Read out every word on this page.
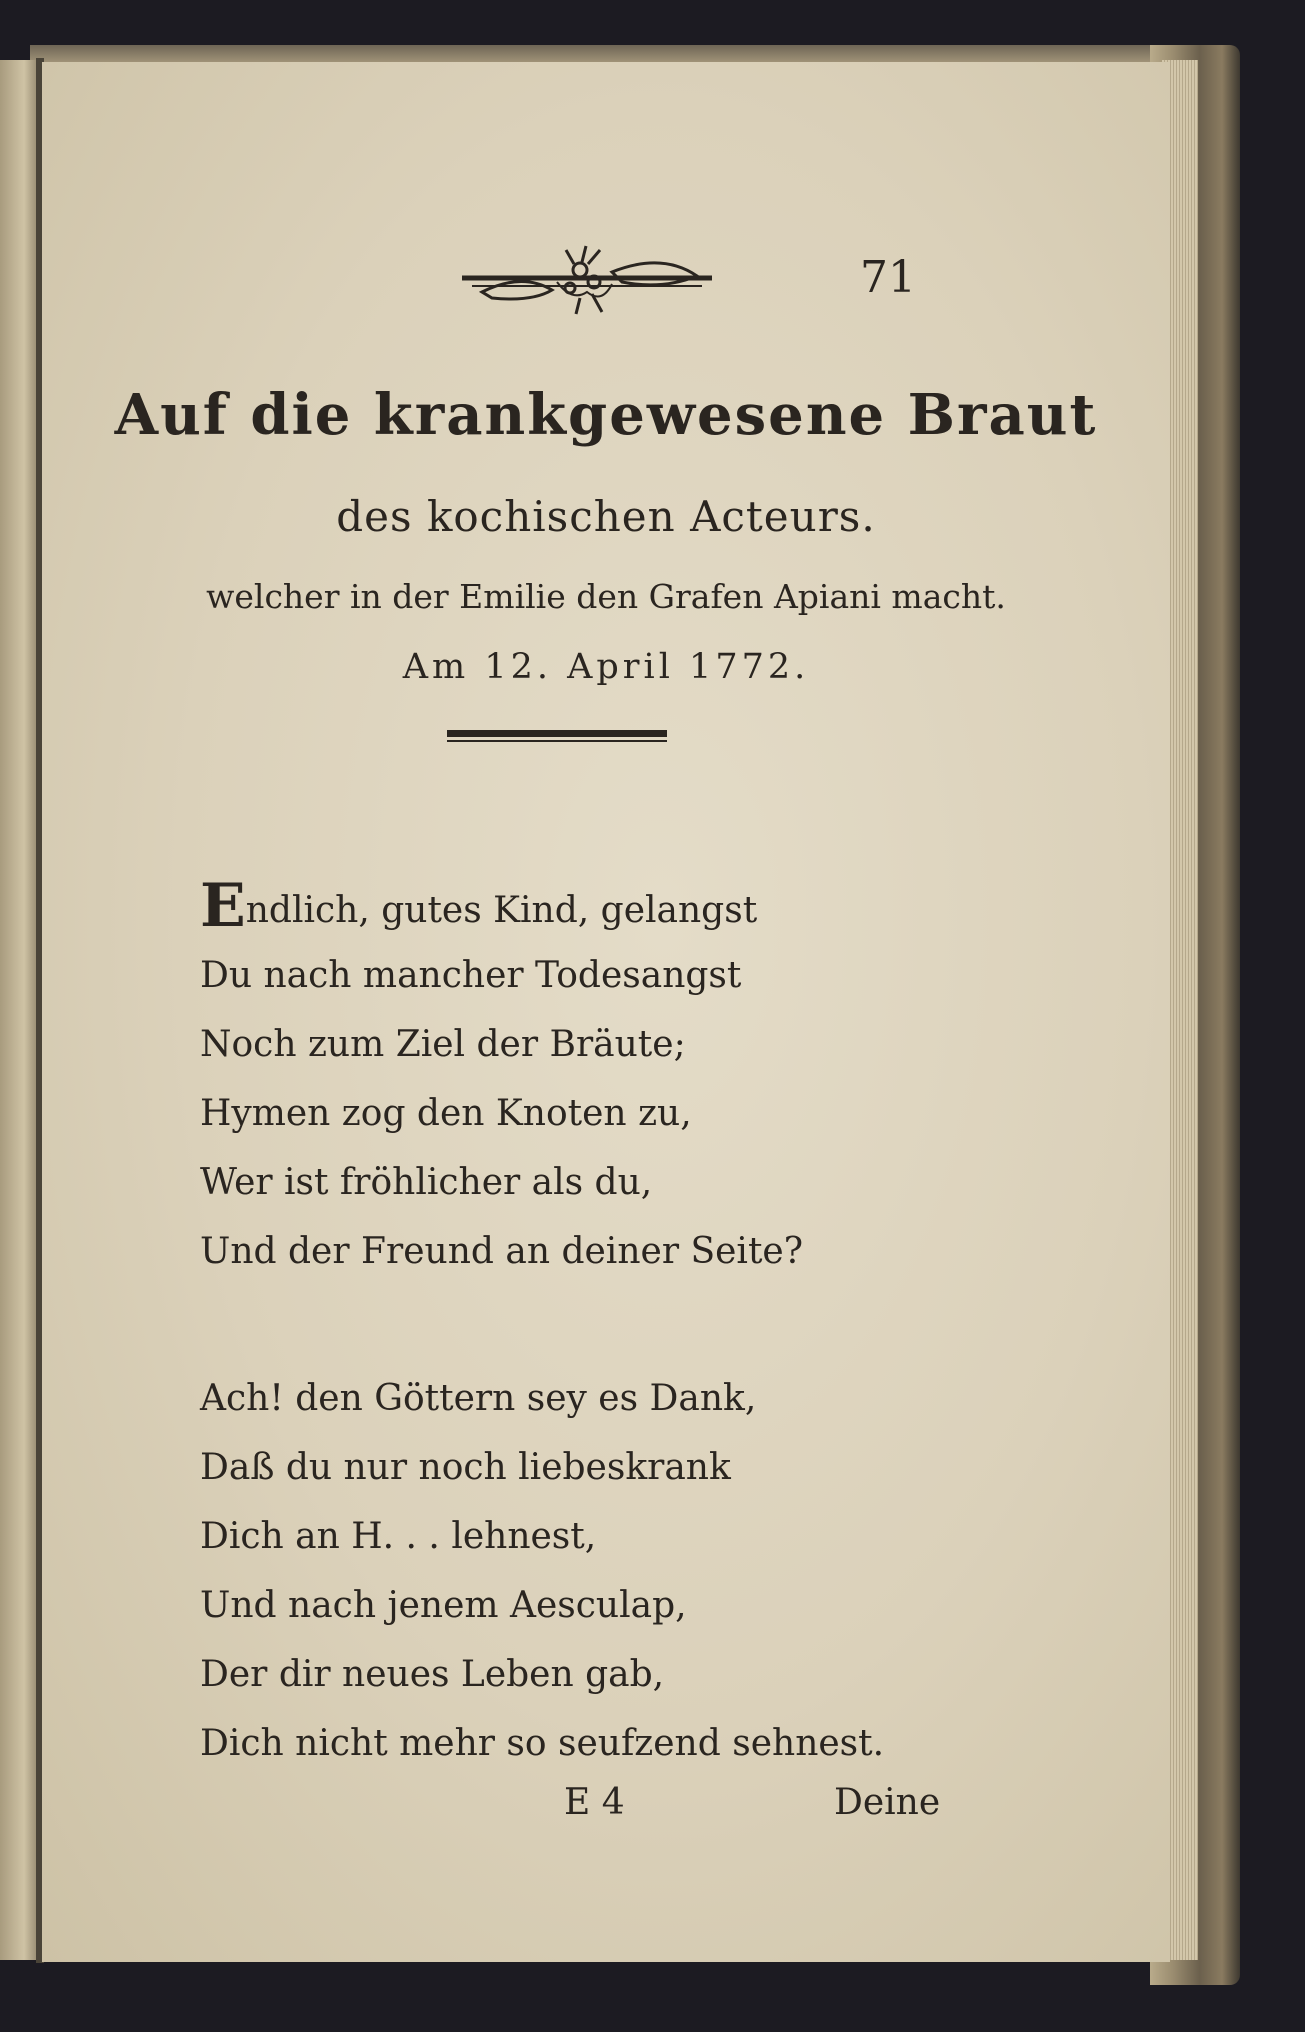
71
Auf die krankgewesene Braut
des kochischen Acteurs.
welcher in der Emilie den Grafen Apiani macht.
Am 12. April 1772.
Endlich, gutes Kind, gelangst
Du nach mancher Todesangst
Noch zum Ziel der Bräute;
Hymen zog den Knoten zu,
Wer ist fröhlicher als du,
Und der Freund an deiner Seite?
Ach! den Göttern sey es Dank,
Daß du nur noch liebeskrank
Dich an H. . . lehnest,
Und nach jenem Aesculap,
Der dir neues Leben gab,
Dich nicht mehr so seufzend sehnest.
E 4	Deine
